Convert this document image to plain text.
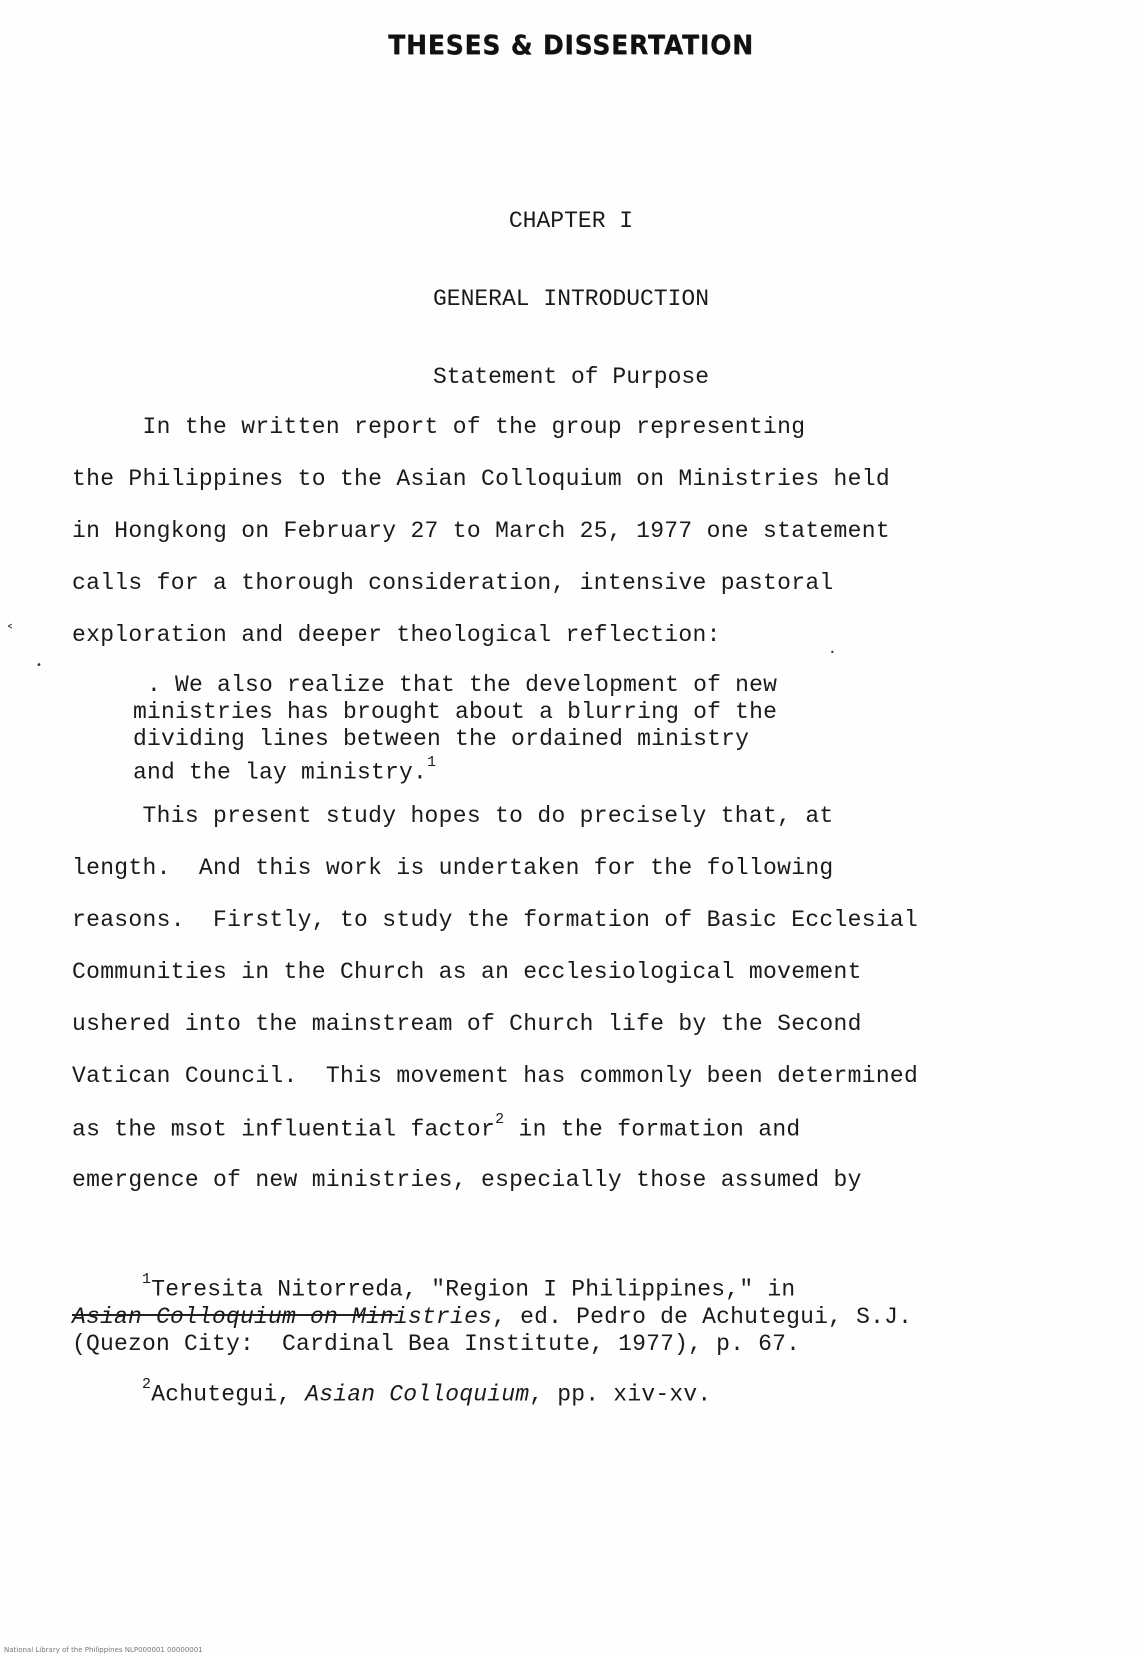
THESES & DISSERTATION
CHAPTER I
GENERAL INTRODUCTION
Statement of Purpose
In the written report of the group representing
the Philippines to the Asian Colloquium on Ministries held
in Hongkong on February 27 to March 25, 1977 one statement
calls for a thorough consideration, intensive pastoral
exploration and deeper theological reflection:
. We also realize that the development of new
ministries has brought about a blurring of the
dividing lines between the ordained ministry
and the lay ministry.$^1$
This present study hopes to do precisely that, at
length.  And this work is undertaken for the following
reasons.  Firstly, to study the formation of Basic Ecclesial
Communities in the Church as an ecclesiological movement
ushered into the mainstream of Church life by the Second
Vatican Council.  This movement has commonly been determined
as the msot influential factor$^2$ in the formation and
emergence of new ministries, especially those assumed by
$^1$Teresita Nitorreda, "Region I Philippines," in
Asian Colloquium on Ministries, ed. Pedro de Achutegui, S.J.
(Quezon City:  Cardinal Bea Institute, 1977), p. 67.
$^2$Achutegui, Asian Colloquium, pp. xiv-xv.
˂
•
•
National Library of the Philippines NLP000001 00000001
